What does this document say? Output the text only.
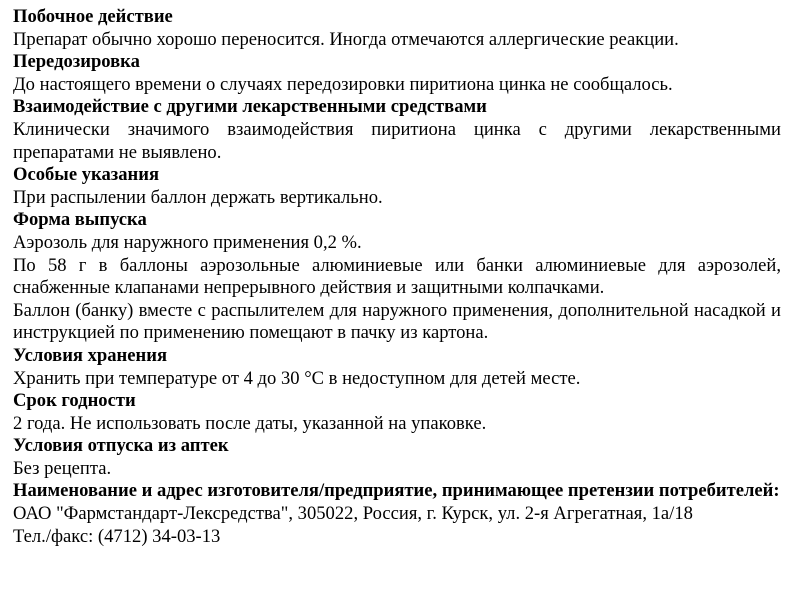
Побочное действие

Препарат обычно хорошо переносится. Иногда отмечаются аллергические реакции.

Передозировка

До настоящего времени о случаях передозировки пиритиона цинка не сообщалось.

Взаимодействие с другими лекарственными средствами

Клинически значимого взаимодействия пиритиона цинка с другими лекарственными препаратами не выявлено.

Особые указания

При распылении баллон держать вертикально.

Форма выпуска

Аэрозоль для наружного применения 0,2 %.

По 58 г в баллоны аэрозольные алюминиевые или банки алюминиевые для аэрозолей, снабженные клапанами непрерывного действия и защитными колпачками.

Баллон (банку) вместе с распылителем для наружного применения, дополнительной насадкой и инструкцией по применению помещают в пачку из картона.

Условия хранения

Хранить при температуре от 4 до 30 °С в недоступном для детей месте.

Срок годности

2 года. Не использовать после даты, указанной на упаковке.

Условия отпуска из аптек

Без рецепта.

Наименование и адрес изготовителя/предприятие, принимающее претензии потребителей:

ОАО "Фармстандарт-Лексредства", 305022, Россия, г. Курск, ул. 2-я Агрегатная, 1а/18

Тел./факс: (4712) 34-03-13
